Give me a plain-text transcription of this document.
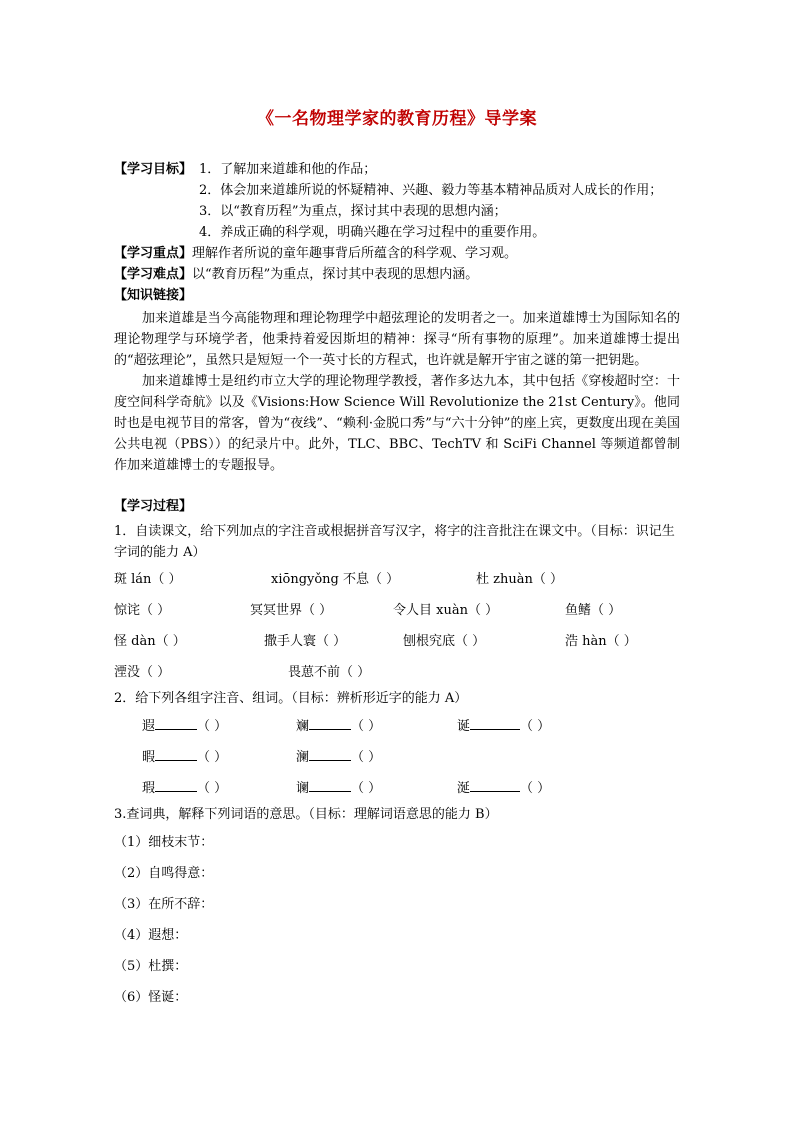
《一名物理学家的教育历程》导学案
【学习目标】 1．了解加来道雄和他的作品；
2．体会加来道雄所说的怀疑精神、兴趣、毅力等基本精神品质对人成长的作用；
3．以“教育历程”为重点，探讨其中表现的思想内涵；
4．养成正确的科学观，明确兴趣在学习过程中的重要作用。
【学习重点】理解作者所说的童年趣事背后所蕴含的科学观、学习观。
【学习难点】以“教育历程”为重点，探讨其中表现的思想内涵。
【知识链接】

加来道雄是当今高能物理和理论物理学中超弦理论的发明者之一。加来道雄博士为国际知名的理论物理学与环境学者，他秉持着爱因斯坦的精神：探寻“所有事物的原理”。加来道雄博士提出的“超弦理论”，虽然只是短短一个一英寸长的方程式，也许就是解开宇宙之谜的第一把钥匙。

加来道雄博士是纽约市立大学的理论物理学教授，著作多达九本，其中包括《穿梭超时空：十度空间科学奇航》以及《Visions:How Science Will Revolutionize the 21st Century》。他同时也是电视节目的常客，曾为“夜线”、“赖利·金脱口秀”与“六十分钟”的座上宾，更数度出现在美国公共电视（PBS））的纪录片中。此外，TLC、BBC、TechTV 和 SciFi Channel 等频道都曾制作加来道雄博士的专题报导。

【学习过程】
1．自读课文，给下列加点的字注音或根据拼音写汉字，将字的注音批注在课文中。（目标：识记生字词的能力 A）
斑 lán（ ）	xiōngyǒng 不息（ ）	杜 zhuàn（ ）
惊诧（ ）	冥冥世界（ ）	令人目 xuàn（ ）	鱼鳍（ ）
怪 dàn（ ）	撒手人寰（ ）	刨根究底（ ）	浩 hàn（ ）
湮没（ ）	畏葸不前（ ）
2．给下列各组字注音、组词。（目标：辨析形近字的能力 A）
遐	（ ）	斓	（ ）	诞	（ ）
暇	（ ）	澜	（ ）
瑕	（ ）	谰	（ ）	涎	（ ）
3.查词典，解释下列词语的意思。（目标：理解词语意思的能力 B）
（1）细枝末节：
（2）自鸣得意：
（3）在所不辞：
（4）遐想：
（5）杜撰：
（6）怪诞：
